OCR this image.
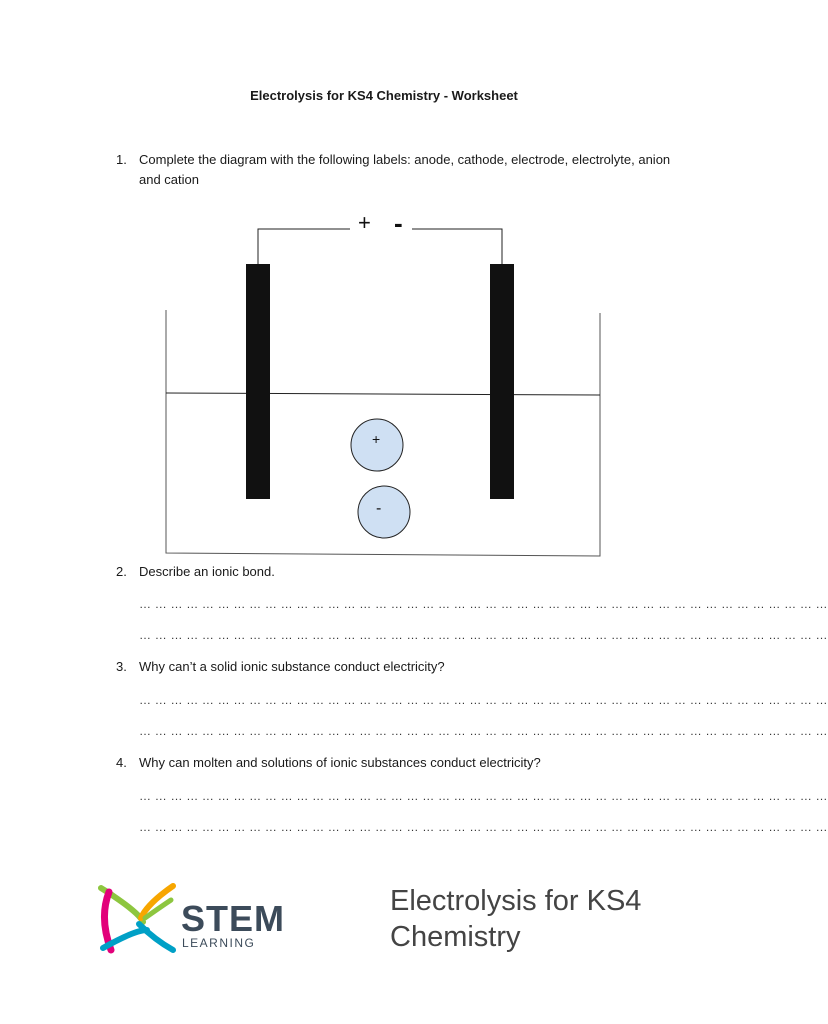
Electrolysis for KS4 Chemistry - Worksheet
1. Complete the diagram with the following labels: anode, cathode, electrode, electrolyte, anion and cation
+ -
+
-
2. Describe an ionic bond.
… … … … … … … … … … … … … … … … … … … … … … … … … … … … … … … … … … … … … … … … … … … …
… … … … … … … … … … … … … … … … … … … … … … … … … … … … … … … … … … … … … … … … … … … …
3. Why can’t a solid ionic substance conduct electricity?
… … … … … … … … … … … … … … … … … … … … … … … … … … … … … … … … … … … … … … … … … … … …
… … … … … … … … … … … … … … … … … … … … … … … … … … … … … … … … … … … … … … … … … … … …
4. Why can molten and solutions of ionic substances conduct electricity?
… … … … … … … … … … … … … … … … … … … … … … … … … … … … … … … … … … … … … … … … … … … …
… … … … … … … … … … … … … … … … … … … … … … … … … … … … … … … … … … … … … … … … … … … …
STEM
LEARNING
Electrolysis for KS4
Chemistry
